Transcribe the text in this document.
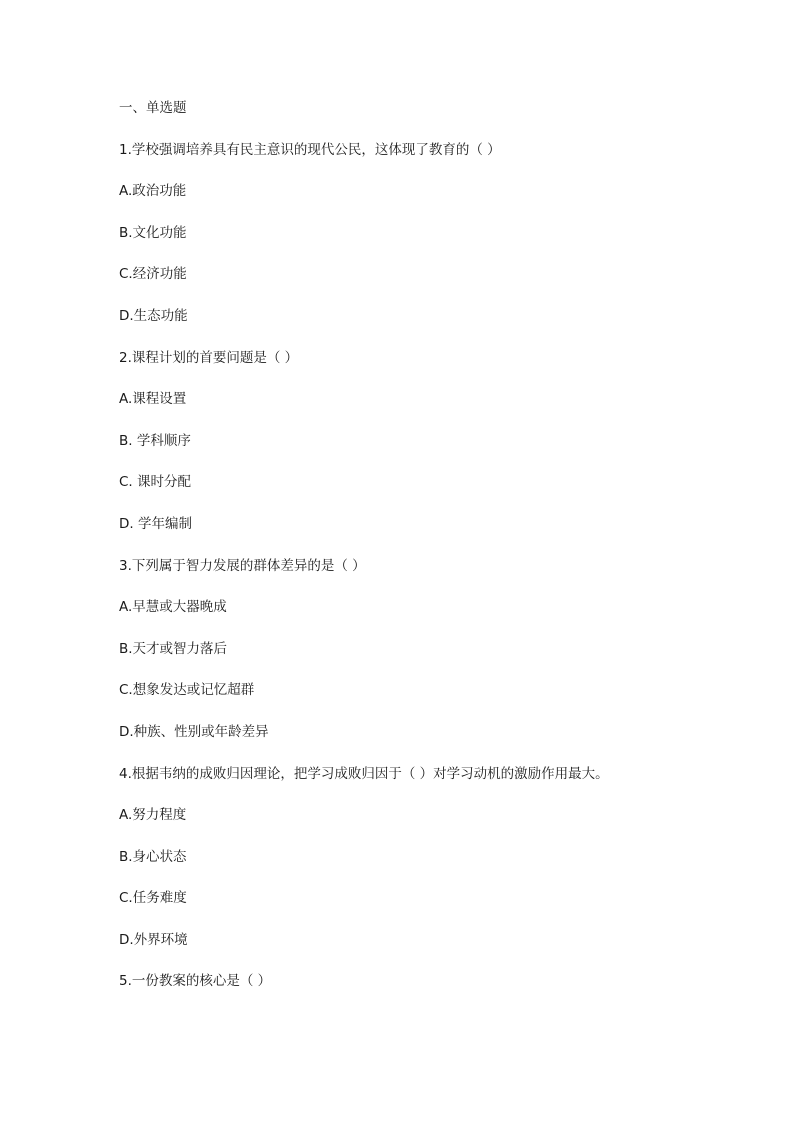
一、单选题
1.学校强调培养具有民主意识的现代公民，这体现了教育的（ ）
A.政治功能
B.文化功能
C.经济功能
D.生态功能
2.课程计划的首要问题是（ ）
A.课程设置
B. 学科顺序
C. 课时分配
D. 学年编制
3.下列属于智力发展的群体差异的是（ ）
A.早慧或大器晚成
B.天才或智力落后
C.想象发达或记忆超群
D.种族、性别或年龄差异
4.根据韦纳的成败归因理论，把学习成败归因于（ ）对学习动机的激励作用最大。
A.努力程度
B.身心状态
C.任务难度
D.外界环境
5.一份教案的核心是（ ）
